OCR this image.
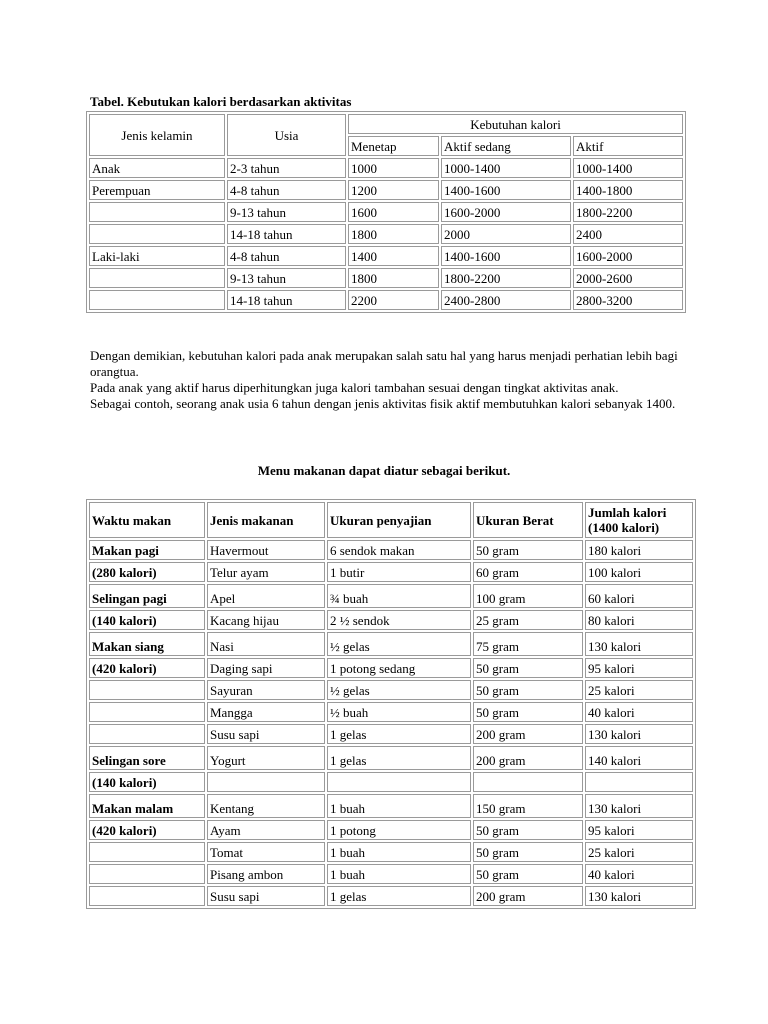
Tabel. Kebutukan kalori berdasarkan aktivitas
Jenis kelamin	Usia	Kebutuhan kalori		
		Menetap	Aktif sedang	Aktif
Anak	2-3 tahun	1000	1000-1400	1000-1400
Perempuan	4-8 tahun	1200	1400-1600	1400-1800
	9-13 tahun	1600	1600-2000	1800-2200
	14-18 tahun	1800	2000	2400
Laki-laki	4-8 tahun	1400	1400-1600	1600-2000
	9-13 tahun	1800	1800-2200	2000-2600
	14-18 tahun	2200	2400-2800	2800-3200

Dengan demikian, kebutuhan kalori pada anak merupakan salah satu hal yang harus menjadi perhatian lebih bagi orangtua.

Pada anak yang aktif harus diperhitungkan juga kalori tambahan sesuai dengan tingkat aktivitas anak.

Sebagai contoh, seorang anak usia 6 tahun dengan jenis aktivitas fisik aktif membutuhkan kalori sebanyak 1400.

Menu makanan dapat diatur sebagai berikut.
Waktu makan	Jenis makanan	Ukuran penyajian	Ukuran Berat	Jumlah kalori
(1400 kalori)

Makan pagi	Havermout	6 sendok makan	50 gram	180 kalori
(280 kalori)	Telur ayam	1 butir	60 gram	100 kalori
Selingan pagi	Apel	¾ buah	100 gram	60 kalori
(140 kalori)	Kacang hijau	2 ½ sendok	25 gram	80 kalori
Makan siang	Nasi	½ gelas	75 gram	130 kalori
(420 kalori)	Daging sapi	1 potong sedang	50 gram	95 kalori
	Sayuran	½ gelas	50 gram	25 kalori
	Mangga	½ buah	50 gram	40 kalori
	Susu sapi	1 gelas	200 gram	130 kalori
Selingan sore	Yogurt	1 gelas	200 gram	140 kalori
(140 kalori)				
Makan malam	Kentang	1 buah	150 gram	130 kalori
(420 kalori)	Ayam	1 potong	50 gram	95 kalori
	Tomat	1 buah	50 gram	25 kalori
	Pisang ambon	1 buah	50 gram	40 kalori
	Susu sapi	1 gelas	200 gram	130 kalori
